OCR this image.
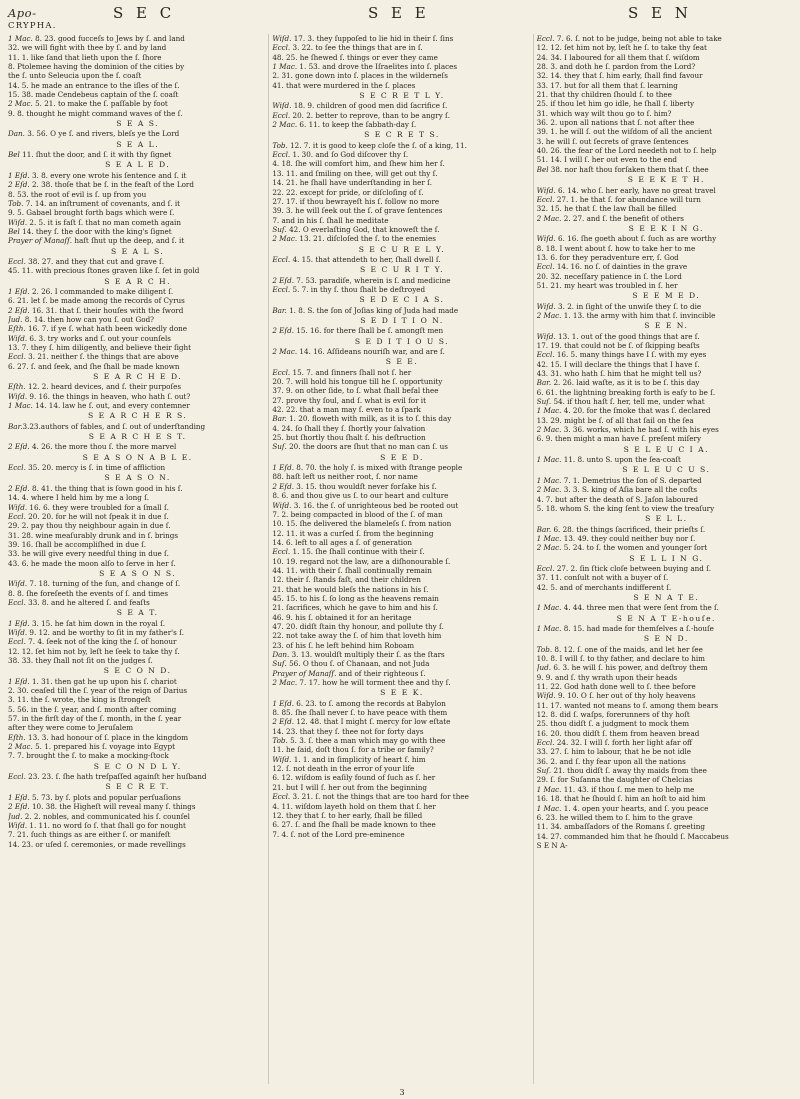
Apo-
CRYPHA.
S E C	S E E	S E N
1 Mac. 8. 23. good fucceſs to Jews by ſ. and land
32. we will fight with thee by ſ. and by land
11. 1. like ſand that lieth upon the ſ. ſhore
8. Ptolemee having the dominion of the cities by
the ſ. unto Seleucia upon the ſ. coaſt
14. 5. he made an entrance to the iſles of the ſ.
15. 38. made Cendebeus captain of the ſ. coaſt
2 Mac. 5. 21. to make the ſ. paſſable by foot
9. 8. thought he might command waves of the ſ.
S E A S.
Dan. 3. 56. O ye ſ. and rivers, bleſs ye the Lord
S E A L.
Bel 11. ſhut the door, and ſ. it with thy ſignet
S E A L E D.
1 Eſd. 3. 8. every one wrote his ſentence and ſ. it
2 Eſd. 2. 38. thoſe that be ſ. in the feaſt of the Lord
8. 53. the root of evil is ſ. up from you
Tob. 7. 14. an inſtrument of covenants, and ſ. it
9. 5. Gabael brought forth bags which were ſ.
Wiſd. 2. 5. it is faſt ſ. that no man cometh again
Bel 14. they ſ. the door with the king's ſignet
Prayer of Manaſſ. haſt ſhut up the deep, and ſ. it
S E A L S.
Eccl. 38. 27. and they that cut and grave ſ.
45. 11. with precious ſtones graven like ſ. ſet in gold
S E A R C H.
1 Eſd. 2. 26. I commanded to make diligent ſ.
6. 21. let ſ. be made among the records of Cyrus
2 Eſd. 16. 31. that ſ. their houſes with the ſword
Jud. 8. 14. then how can you ſ. out God?
Eſth. 16. 7. if ye ſ. what hath been wickedly done
Wiſd. 6. 3. try works and ſ. out your counſels
13. 7. they ſ. him diligently, and believe their ſight
Eccl. 3. 21. neither ſ. the things that are above
6. 27. ſ. and ſeek, and ſhe ſhall be made known
S E A R C H E D.
Eſth. 12. 2. heard devices, and ſ. their purpoſes
Wiſd. 9. 16. the things in heaven, who hath ſ. out?
1 Mac. 14. 14. law he ſ. out, and every contemner
S E A R C H E R S.
Bar.3.23.authors of fables, and ſ. out of underſtanding
S E A R C H E S T.
2 Eſd. 4. 26. the more thou ſ. the more marvel
S E A S O N A B L E.
Eccl. 35. 20. mercy is ſ. in time of affliction
S E A S O N.
2 Eſd. 8. 41. the thing that is ſown good in his ſ.
14. 4. where I held him by me a long ſ.
Wiſd. 16. 6. they were troubled for a ſmall ſ.
Eccl. 20. 20. for he will not ſpeak it in due ſ.
29. 2. pay thou thy neighbour again in due ſ.
31. 28. wine meaſurably drunk and in ſ. brings
39. 16. ſhall be accompliſhed in due ſ.
33. he will give every needful thing in due ſ.
43. 6. he made the moon alſo to ſerve in her ſ.
S E A S O N S.
Wiſd. 7. 18. turning of the ſun, and change of ſ.
8. 8. ſhe foreſeeth the events of ſ. and times
Eccl. 33. 8. and he altered ſ. and feaſts
S E A T.
1 Eſd. 3. 15. he ſat him down in the royal ſ.
Wiſd. 9. 12. and be worthy to ſit in my father's ſ.
Eccl. 7. 4. ſeek not of the king the ſ. of honour
12. 12. ſet him not by, leſt he ſeek to take thy ſ.
38. 33. they ſhall not ſit on the judges ſ.
S E C O N D.
1 Eſd. 1. 31. then gat he up upon his ſ. chariot
2. 30. ceaſed till the ſ. year of the reign of Darius
3. 11. the ſ. wrote, the king is ſtrongeſt
5. 56. in the ſ. year, and ſ. month after coming
57. in the firſt day of the ſ. month, in the ſ. year
after they were come to Jeruſalem
Eſth. 13. 3. had honour of ſ. place in the kingdom
2 Mac. 5. 1. prepared his ſ. voyage into Egypt
7. 7. brought the ſ. to make a mocking-ſtock
S E C O N D L Y.
Eccl. 23. 23. ſ. ſhe hath treſpaſſed againſt her huſband
S E C R E T.
1 Eſd. 5. 73. by ſ. plots and popular perſuaſions
2 Eſd. 10. 38. the Higheſt will reveal many ſ. things
Jud. 2. 2. nobles, and communicated his ſ. counſel
Wiſd. 1. 11. no word ſo ſ. that ſhall go for nought
7. 21. ſuch things as are either ſ. or manifeſt
14. 23. or uſed ſ. ceremonies, or made revellings
Wiſd. 17. 3. they ſuppoſed to lie hid in their ſ. ſins
Eccl. 3. 22. to ſee the things that are in ſ.
48. 25. he ſhewed ſ. things or ever they came
1 Mac. 1. 53. and drove the Iſraelites into ſ. places
2. 31. gone down into ſ. places in the wilderneſs
41. that were murdered in the ſ. places
S E C R E T L Y.
Wiſd. 18. 9. children of good men did ſacrifice ſ.
Eccl. 20. 2. better to reprove, than to be angry ſ.
2 Mac. 6. 11. to keep the ſabbath-day ſ.
S E C R E T S.
Tob. 12. 7. it is good to keep cloſe the ſ. of a king, 11.
Eccl. 1. 30. and ſo God diſcover thy ſ.
4. 18. ſhe will comfort him, and ſhew him her ſ.
13. 11. and ſmiling on thee, will get out thy ſ.
14. 21. he ſhall have underſtanding in her ſ.
22. 22. except for pride, or diſcloſing of ſ.
27. 17. if thou bewrayeſt his ſ. follow no more
39. 3. he will ſeek out the ſ. of grave ſentences
7. and in his ſ. ſhall he meditate
Suſ. 42. O everlaſting God, that knoweſt the ſ.
2 Mac. 13. 21. diſcloſed the ſ. to the enemies
S E C U R E L Y.
Eccl. 4. 15. that attendeth to her, ſhall dwell ſ.
S E C U R I T Y.
2 Eſd. 7. 53. paradiſe, wherein is ſ. and medicine
Eccl. 5. 7. in thy ſ. thou ſhalt be deſtroyed
S E D E C I A S.
Bar. 1. 8. S. the ſon of Joſias king of Juda had made
S E D I T I O N.
2 Eſd. 15. 16. for there ſhall be ſ. amongſt men
S E D I T I O U S.
2 Mac. 14. 16. Aſſideans nouriſh war, and are ſ.
S E E.
Eccl. 15. 7. and ſinners ſhall not ſ. her
20. 7. will hold his tongue till he ſ. opportunity
37. 9. on other ſide, to ſ. what ſhall befal thee
27. prove thy ſoul, and ſ. what is evil for it
42. 22. that a man may ſ. even to a ſpark
Bar. 1. 20. floweth with milk, as it is to ſ. this day
4. 24. ſo ſhall they ſ. ſhortly your ſalvation
25. but ſhortly thou ſhalt ſ. his deſtruction
Suſ. 20. the doors are ſhut that no man can ſ. us
S E E D.
1 Eſd. 8. 70. the holy ſ. is mixed with ſtrange people
88. haſt left us neither root, ſ. nor name
2 Eſd. 3. 15. thou wouldſt never forſake his ſ.
8. 6. and thou give us ſ. to our heart and culture
Wiſd. 3. 16. the ſ. of unrighteous bed be rooted out
7. 2. being compacted in blood of the ſ. of man
10. 15. ſhe delivered the blameleſs ſ. from nation
12. 11. it was a curſed ſ. from the beginning
14. 6. left to all ages a ſ. of generation
Eccl. 1. 15. ſhe ſhall continue with their ſ.
10. 19. regard not the law, are a diſhonourable ſ.
44. 11. with their ſ. ſhall continually remain
12. their ſ. ſtands faſt, and their children
21. that he would bleſs the nations in his ſ.
45. 15. to his ſ. ſo long as the heavens remain
21. ſacrifices, which he gave to him and his ſ.
46. 9. his ſ. obtained it for an heritage
47. 20. didſt ſtain thy honour, and pollute thy ſ.
22. not take away the ſ. of him that loveth him
23. of his ſ. he left behind him Roboam
Dan. 3. 13. wouldſt multiply their ſ. as the ſtars
Suſ. 56. O thou ſ. of Chanaan, and not Juda
Prayer of Manaſſ. and of their righteous ſ.
2 Mac. 7. 17. how he will torment thee and thy ſ.
S E E K.
1 Eſd. 6. 23. to ſ. among the records at Babylon
8. 85. ſhe ſhall never ſ. to have peace with them
2 Eſd. 12. 48. that I might ſ. mercy for low eſtate
14. 23. that they ſ. thee not for forty days
Tob. 5. 3. ſ. thee a man which may go with thee
11. he ſaid, doſt thou ſ. for a tribe or family?
Wiſd. 1. 1. and in ſimplicity of heart ſ. him
12. ſ. not death in the error of your life
6. 12. wiſdom is eaſily found of ſuch as ſ. her
21. but I will ſ. her out from the beginning
Eccl. 3. 21. ſ. not the things that are too hard for thee
4. 11. wiſdom layeth hold on them that ſ. her
12. they that ſ. to her early, ſhall be filled
6. 27. ſ. and ſhe ſhall be made known to thee
7. 4. ſ. not of the Lord pre-eminence
Eccl. 7. 6. ſ. not to be judge, being not able to take
12. 12. ſet him not by, leſt he ſ. to take thy ſeat
24. 34. I laboured for all them that ſ. wiſdom
28. 3. and doth he ſ. pardon from the Lord?
32. 14. they that ſ. him early, ſhall find favour
33. 17. but for all them that ſ. learning
21. that thy children ſhould ſ. to thee
25. if thou let him go idle, he ſhall ſ. liberty
31. which way wilt thou go to ſ. him?
36. 2. upon all nations that ſ. not after thee
39. 1. he will ſ. out the wiſdom of all the ancient
3. he will ſ. out ſecrets of grave ſentences
40. 26. the fear of the Lord needeth not to ſ. help
51. 14. I will ſ. her out even to the end
Bel 38. nor haſt thou forſaken them that ſ. thee
S E E K E T H.
Wiſd. 6. 14. who ſ. her early, have no great travel
Eccl. 27. 1. he that ſ. for abundance will turn
32. 15. he that ſ. the law ſhall be filled
2 Mac. 2. 27. and ſ. the benefit of others
S E E K I N G.
Wiſd. 6. 16. ſhe goeth about ſ. ſuch as are worthy
8. 18. I went about ſ. how to take her to me
13. 6. for they peradventure err, ſ. God
Eccl. 14. 16. no ſ. of dainties in the grave
20. 32. neceſſary patience in ſ. the Lord
51. 21. my heart was troubled in ſ. her
S E E M E D.
Wiſd. 3. 2. in ſight of the unwiſe they ſ. to die
2 Mac. 1. 13. the army with him that ſ. invincible
S E E N.
Wiſd. 13. 1. out of the good things that are ſ.
17. 19. that could not be ſ. of ſkipping beaſts
Eccl. 16. 5. many things have I ſ. with my eyes
42. 15. I will declare the things that I have ſ.
43. 31. who hath ſ. him that he might tell us?
Bar. 2. 26. laid waſte, as it is to be ſ. this day
6. 61. the lightning breaking forth is eaſy to be ſ.
Suſ. 54. if thou haſt ſ. her, tell me, under what
1 Mac. 4. 20. for the ſmoke that was ſ. declared
13. 29. might be ſ. of all that ſail on the ſea
2 Mac. 3. 36. works, which he had ſ. with his eyes
6. 9. then might a man have ſ. preſent miſery
S E L E U C I A.
1 Mac. 11. 8. unto S. upon the ſea-coaſt
S E L E U C U S.
1 Mac. 7. 1. Demetrius the ſon of S. departed
2 Mac. 3. 3. S. king of Aſia bare all the coſts
4. 7. but after the death of S. Jaſon laboured
5. 18. whom S. the king ſent to view the treaſury
S E L L.
Bar. 6. 28. the things ſacrificed, their prieſts ſ.
1 Mac. 13. 49. they could neither buy nor ſ.
2 Mac. 5. 24. to ſ. the women and younger ſort
S E L L I N G.
Eccl. 27. 2. ſin ſtick cloſe between buying and ſ.
37. 11. conſult not with a buyer of ſ.
42. 5. and of merchants indifferent ſ.
S E N A T E.
1 Mac. 4. 44. three men that were ſent from the ſ.
S E N A T E-houſe.
1 Mac. 8. 15. had made for themſelves a ſ.-houſe
S E N D.
Tob. 8. 12. ſ. one of the maids, and let her ſee
10. 8. I will ſ. to thy father, and declare to him
Jud. 6. 3. he will ſ. his power, and deſtroy them
9. 9. and ſ. thy wrath upon their heads
11. 22. God hath done well to ſ. thee before
Wiſd. 9. 10. O ſ. her out of thy holy heavens
11. 17. wanted not means to ſ. among them bears
12. 8. did ſ. waſps, forerunners of thy hoſt
25. thou didſt ſ. a judgment to mock them
16. 20. thou didſt ſ. them from heaven bread
Eccl. 24. 32. I will ſ. forth her light afar off
33. 27. ſ. him to labour, that he be not idle
36. 2. and ſ. thy fear upon all the nations
Suſ. 21. thou didſt ſ. away thy maids from thee
29. ſ. for Suſanna the daughter of Chelcias
1 Mac. 11. 43. if thou ſ. me men to help me
16. 18. that he ſhould ſ. him an hoſt to aid him
1 Mac. 1. 4. open your hearts, and ſ. you peace
6. 23. he willed them to ſ. him to the grave
11. 34. ambaſſadors of the Romans ſ. greeting
14. 27. commanded him that he ſhould ſ. Maccabeus
S E N A-
3
